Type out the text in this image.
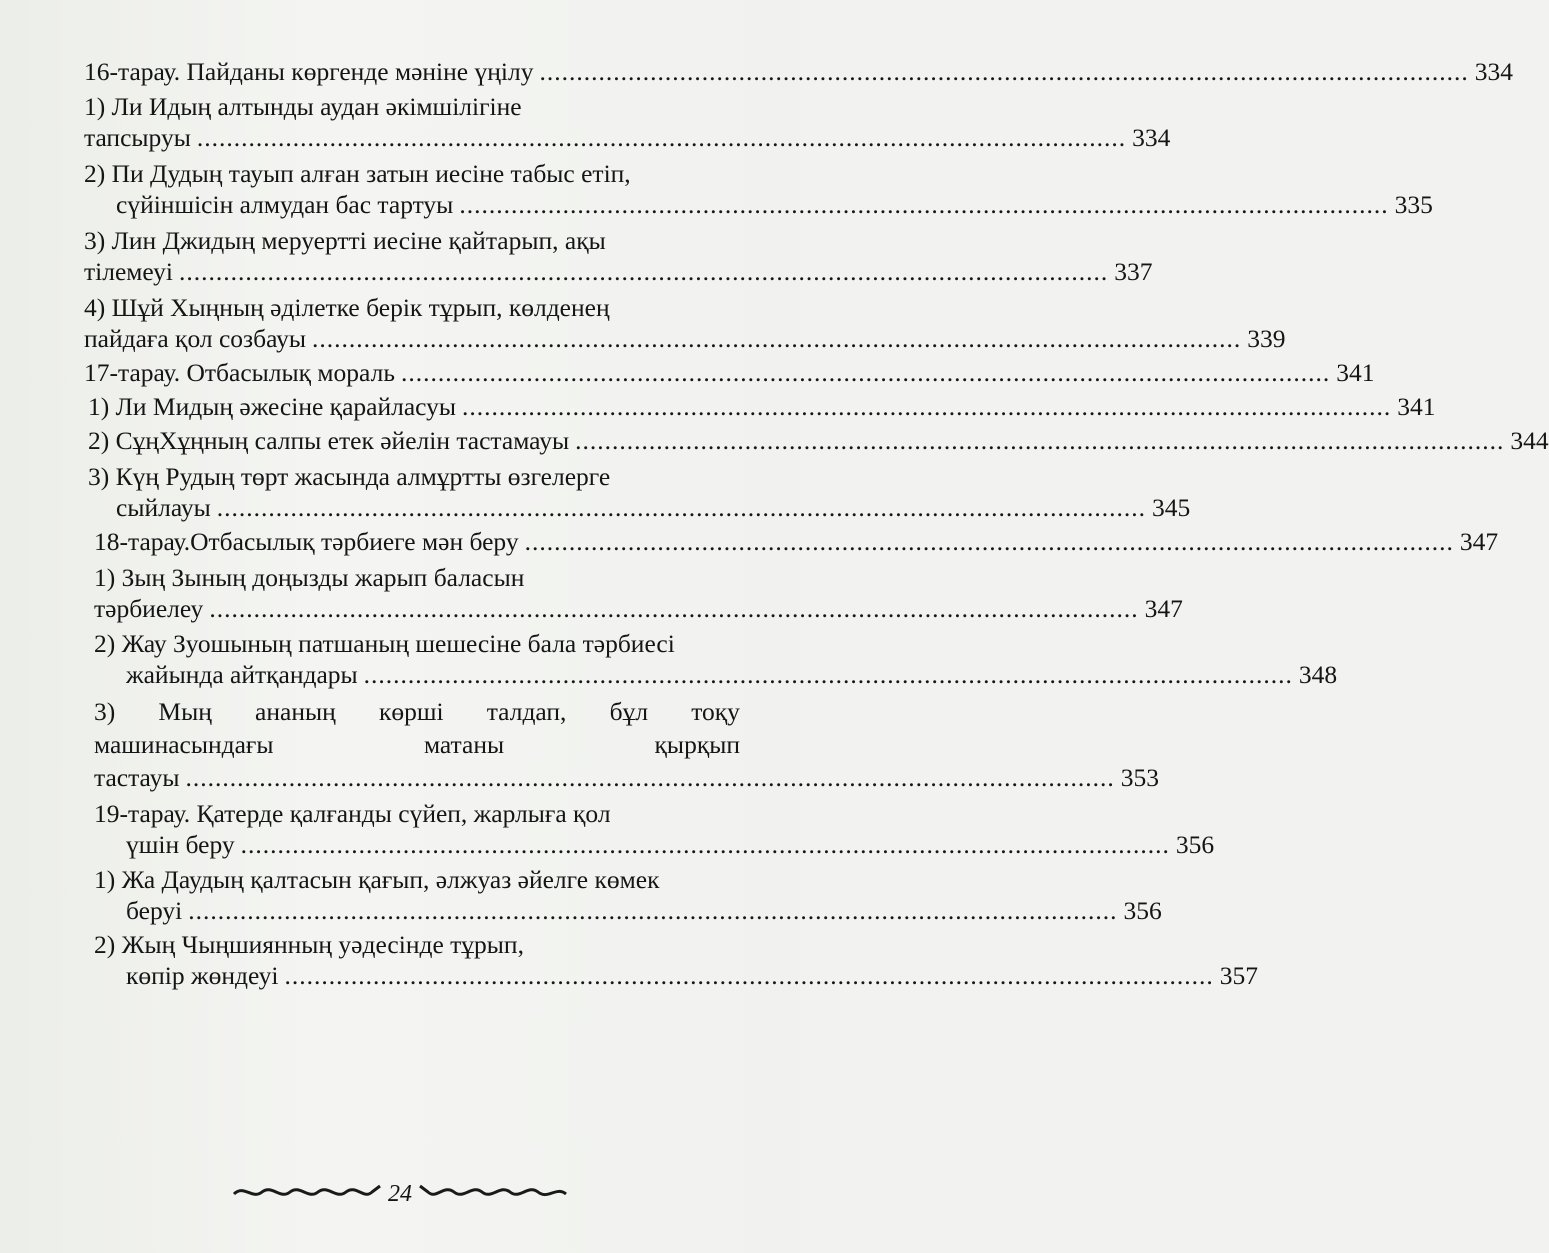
16-тарау. Пайданы көргенде мәніне үңілу .............................................................................................................................. 334
1) Ли Идың алтынды аудан әкімшілігіне
тапсыруы .............................................................................................................................. 334
2) Пи Дудың тауып алған затын иесіне табыс етіп,
сүйіншісін алмудан бас тартуы .............................................................................................................................. 335
3) Лин Джидың меруертті иесіне қайтарып, ақы
тілемеуі .............................................................................................................................. 337
4) Шұй Хыңның әділетке берік тұрып, көлденең
пайдаға қол созбауы .............................................................................................................................. 339
17-тарау. Отбасылық мораль .............................................................................................................................. 341
1) Ли Мидың әжесіне қарайласуы .............................................................................................................................. 341
2) СұңХұңның салпы етек әйелін тастамауы .............................................................................................................................. 344
3) Күң Рудың төрт жасында алмұртты өзгелерге
сыйлауы .............................................................................................................................. 345
18-тарау.Отбасылық тәрбиеге мән беру .............................................................................................................................. 347
1) Зың Зының доңызды жарып баласын
тәрбиелеу .............................................................................................................................. 347
2) Жау Зуошының патшаның шешесіне бала тәрбиесі
жайында айтқандары .............................................................................................................................. 348
3) Мың ананың көрші талдап, бұл тоқу
машинасындағы	матаны	қырқып
тастауы .............................................................................................................................. 353
19-тарау. Қатерде қалғанды сүйеп, жарлыға қол
үшін беру .............................................................................................................................. 356
1) Жа Даудың қалтасын қағып, әлжуаз әйелге көмек
беруі .............................................................................................................................. 356
2) Жың Чыңшиянның уәдесінде тұрып,
көпір жөндеуі .............................................................................................................................. 357
24
